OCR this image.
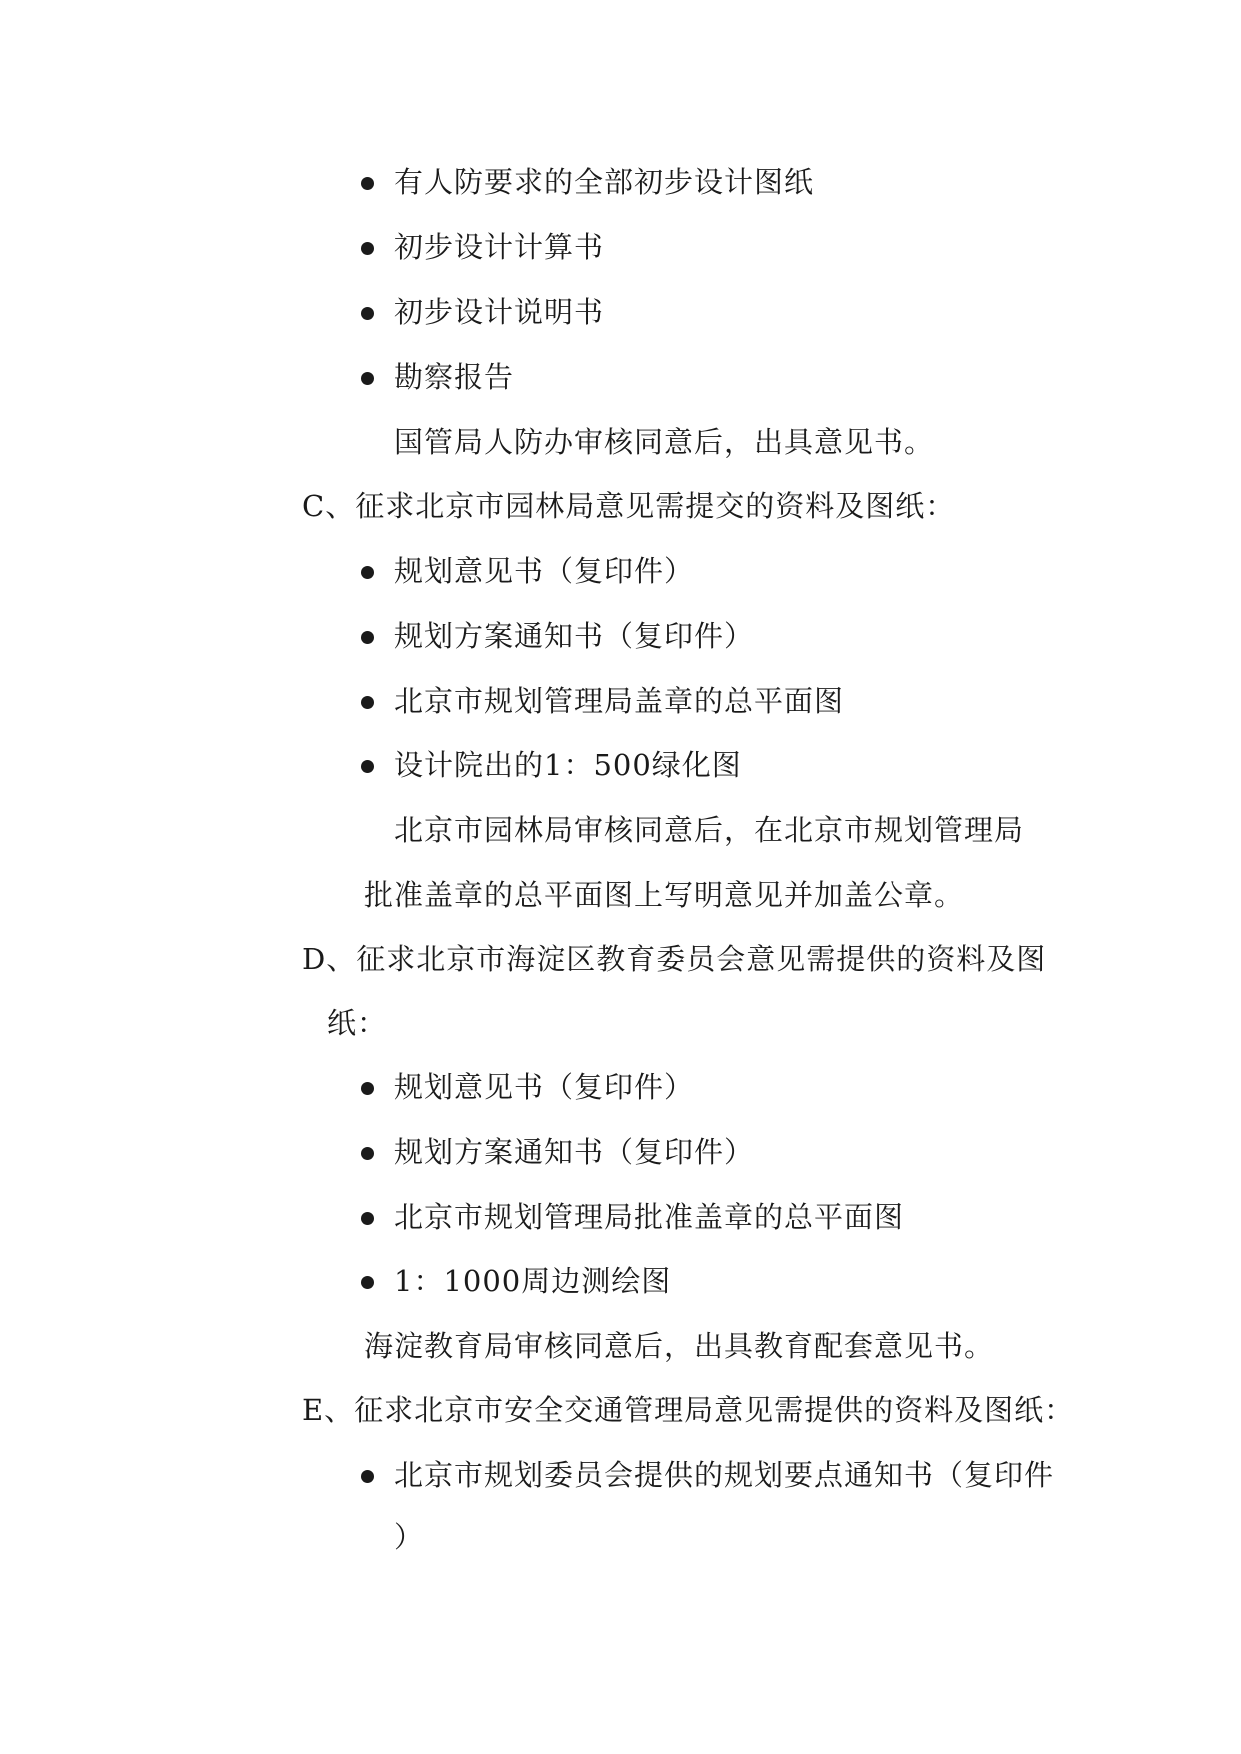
有人防要求的全部初步设计图纸
初步设计计算书
初步设计说明书
勘察报告
国管局人防办审核同意后，出具意见书。
C、征求北京市园林局意见需提交的资料及图纸：
规划意见书（复印件）
规划方案通知书（复印件）
北京市规划管理局盖章的总平面图
设计院出的1：500绿化图
北京市园林局审核同意后，在北京市规划管理局
批准盖章的总平面图上写明意见并加盖公章。
D、征求北京市海淀区教育委员会意见需提供的资料及图
纸：
规划意见书（复印件）
规划方案通知书（复印件）
北京市规划管理局批准盖章的总平面图
1：1000周边测绘图
海淀教育局审核同意后，出具教育配套意见书。
E、征求北京市安全交通管理局意见需提供的资料及图纸：
北京市规划委员会提供的规划要点通知书（复印件
）
